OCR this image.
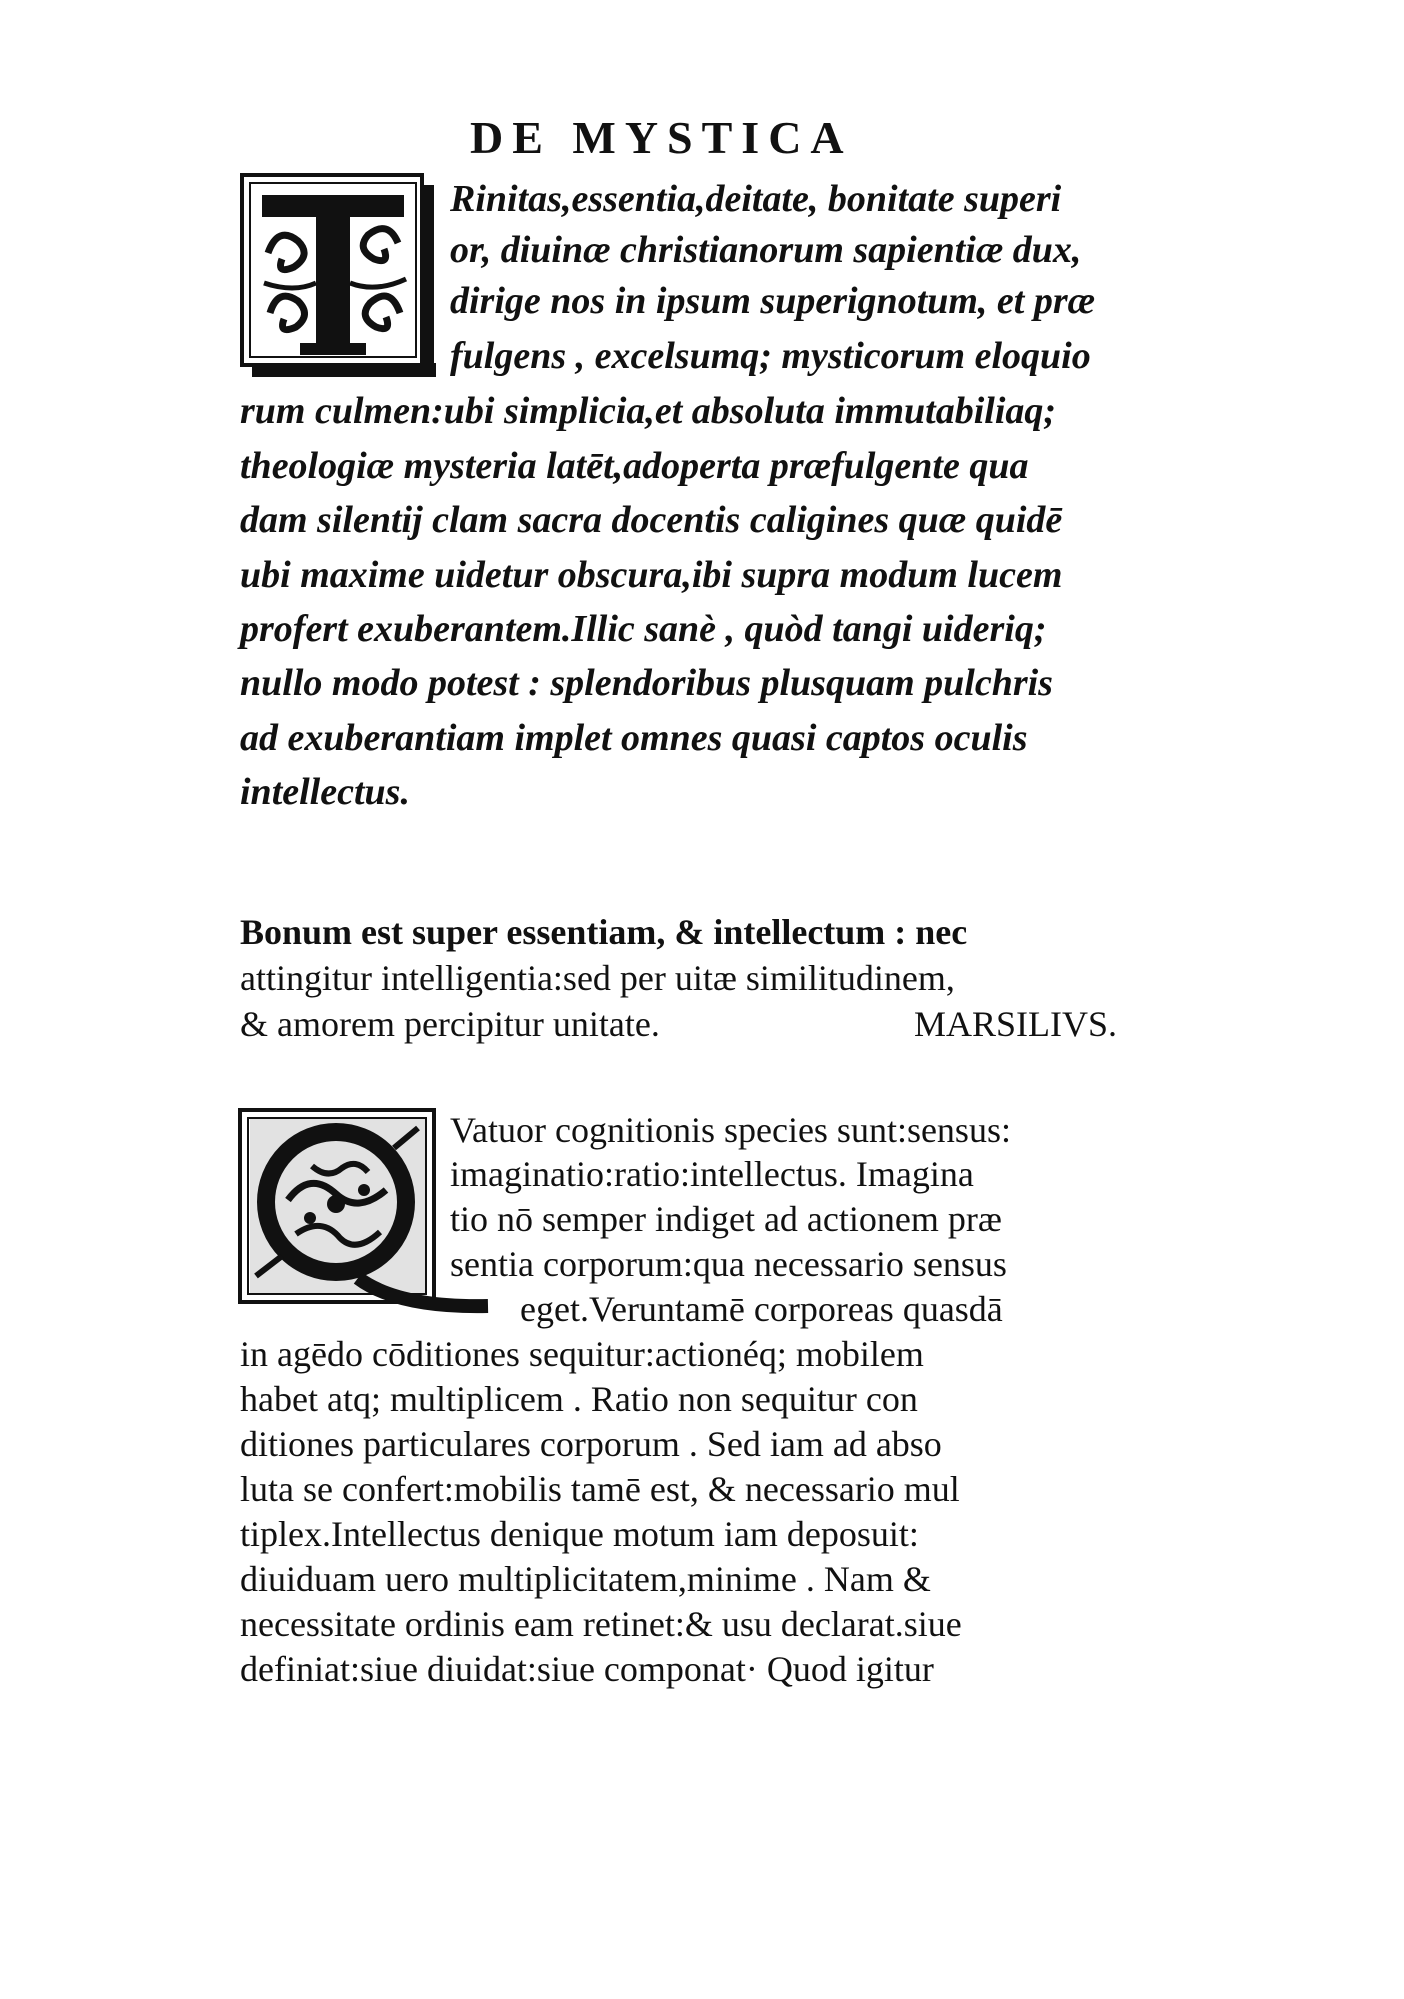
DE MYSTICA
Rinitas,essentia,deitate, bonitate superi
or, diuinæ christianorum sapientiæ dux,
dirige nos in ipsum superignotum, et præ
fulgens , excelsumq; mysticorum eloquio
rum culmen:ubi simplicia,et absoluta immutabiliaq;
theologiæ mysteria latēt,adoperta præfulgente qua
dam silentij clam sacra docentis caligines quæ quidē
ubi maxime uidetur obscura,ibi supra modum lucem
profert exuberantem.Illic sanè , quòd tangi uideriq;
nullo modo potest : splendoribus plusquam pulchris
ad exuberantiam implet omnes quasi captos oculis
intellectus.
Bonum est super essentiam, & intellectum : nec
attingitur intelligentia:sed per uitæ similitudinem,
& amorem percipitur unitate.	MARSILIVS.
Vatuor cognitionis species sunt:sensus:
imaginatio:ratio:intellectus. Imagina
tio nō semper indiget ad actionem præ
sentia corporum:qua necessario sensus
eget.Veruntamē corporeas quasdā
in agēdo cōditiones sequitur:actionéq; mobilem
habet atq; multiplicem . Ratio non sequitur con
ditiones particulares corporum . Sed iam ad abso
luta se confert:mobilis tamē est, & necessario mul
tiplex.Intellectus denique motum iam deposuit:
diuiduam uero multiplicitatem,minime . Nam &
necessitate ordinis eam retinet:& usu declarat.siue
definiat:siue diuidat:siue componat· Quod igitur
